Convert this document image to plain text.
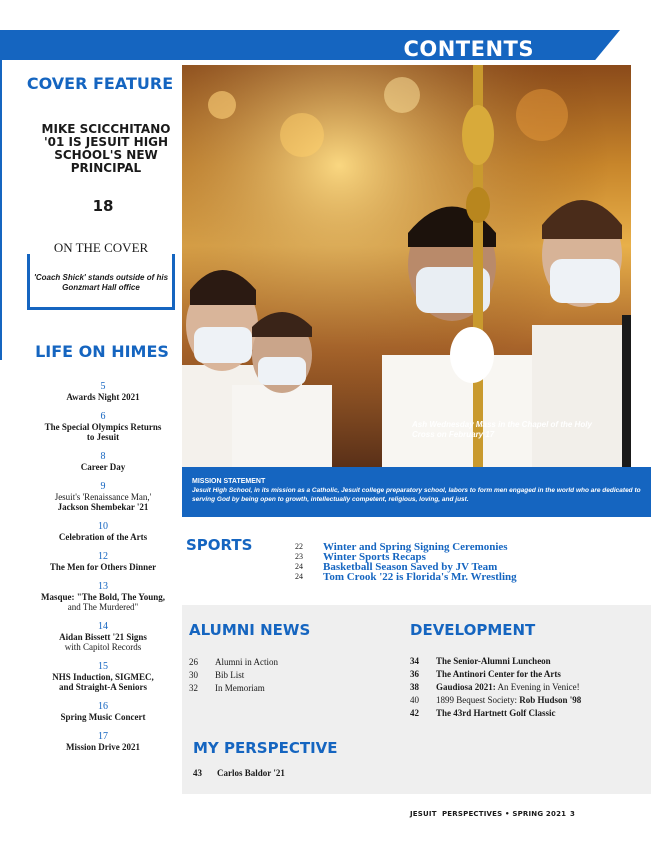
CONTENTS
COVER FEATURE
MIKE SCICCHITANO '01 IS JESUIT HIGH SCHOOL'S NEW PRINCIPAL
18
ON THE COVER
'Coach Shick' stands outside of his Gonzmart Hall office
LIFE ON HIMES
5
Awards Night 2021
6
The Special Olympics Returns to Jesuit
8
Career Day
9
Jesuit's 'Renaissance Man,'
Jackson Shembekar '21
10
Celebration of the Arts
12
The Men for Others Dinner
13
Masque: "The Bold, The Young,
and The Murdered"
14
Aidan Bissett '21 Signs
with Capitol Records
15
NHS Induction, SIGMEC, and Straight-A Seniors
16
Spring Music Concert
17
Mission Drive 2021
Ash Wednesday Mass in the Chapel of the Holy Cross on February 17
MISSION STATEMENT
Jesuit High School, in its mission as a Catholic, Jesuit college preparatory school, labors to form men engaged in the world who are dedicated to serving God by being open to growth, intellectually competent, religious, loving, and just.
SPORTS	22	Winter and Spring Signing Ceremonies
23	Winter Sports Recaps
24	Basketball Season Saved by JV Team
24	Tom Crook '22 is Florida's Mr. Wrestling
ALUMNI NEWS
26	Alumni in Action
30	Bib List
32	In Memoriam
DEVELOPMENT
34	The Senior-Alumni Luncheon
36	The Antinori Center for the Arts
38	Gaudiosa 2021: An Evening in Venice!
40	1899 Bequest Society: Rob Hudson '98
42	The 43rd Hartnett Golf Classic
MY PERSPECTIVE
43	Carlos Baldor '21
JESUIT  PERSPECTIVES • SPRING 2021 3
